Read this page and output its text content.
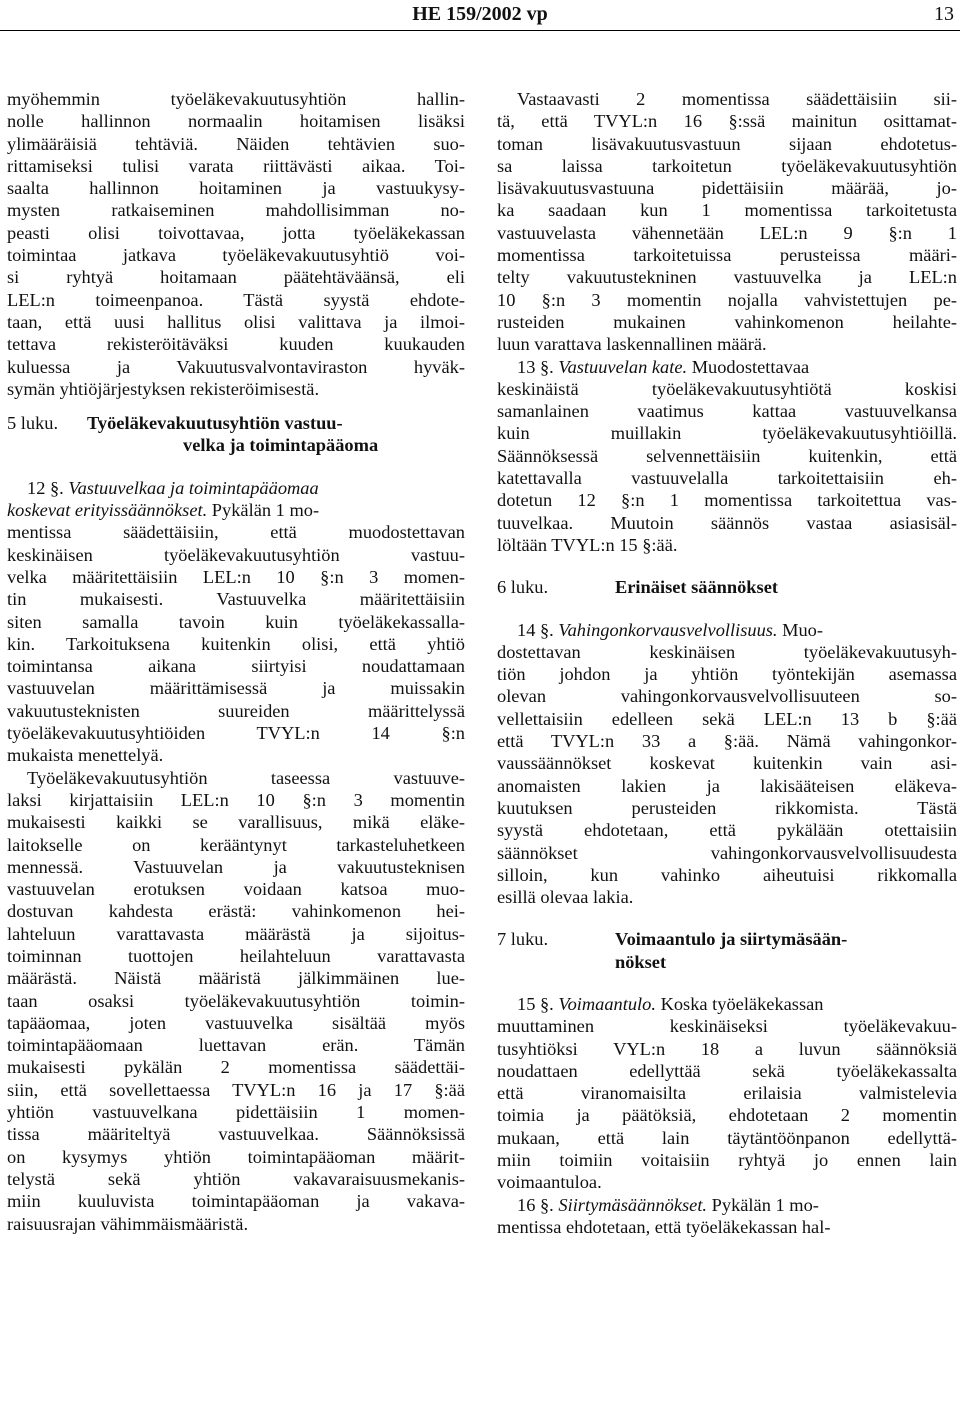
HE 159/2002 vp	13

myöhemmin työeläkevakuutusyhtiön hallin-
nolle hallinnon normaalin hoitamisen lisäksi
ylimääräisiä tehtäviä. Näiden tehtävien suo-
rittamiseksi tulisi varata riittävästi aikaa. Toi-
saalta hallinnon hoitaminen ja vastuukysy-
mysten ratkaiseminen mahdollisimman no-
peasti olisi toivottavaa, jotta työeläkekassan
toimintaa jatkava työeläkevakuutusyhtiö voi-
si ryhtyä hoitamaan päätehtäväänsä, eli
LEL:n toimeenpanoa. Tästä syystä ehdote-
taan, että uusi hallitus olisi valittava ja ilmoi-
tettava rekisteröitäväksi kuuden kuukauden
kuluessa ja Vakuutusvalvontaviraston hyväk-
symän yhtiöjärjestyksen rekisteröimisestä.

5 luku.	Työeläkevakuutusyhtiön vastuu-
velka ja toimintapääoma

12 §. Vastuuvelkaa ja toimintapääomaa
koskevat erityissäännökset. Pykälän 1 mo-
mentissa säädettäisiin, että muodostettavan
keskinäisen työeläkevakuutusyhtiön vastuu-
velka määritettäisiin LEL:n 10 §:n 3 momen-
tin mukaisesti. Vastuuvelka määritettäisiin
siten samalla tavoin kuin työeläkekassalla-
kin. Tarkoituksena kuitenkin olisi, että yhtiö
toimintansa aikana siirtyisi noudattamaan
vastuuvelan määrittämisessä ja muissakin
vakuutusteknisten suureiden määrittelyssä
työeläkevakuutusyhtiöiden TVYL:n 14 §:n
mukaista menettelyä.

Työeläkevakuutusyhtiön taseessa vastuuve-
laksi kirjattaisiin LEL:n 10 §:n 3 momentin
mukaisesti kaikki se varallisuus, mikä eläke-
laitokselle on kerääntynyt tarkasteluhetkeen
mennessä. Vastuuvelan ja vakuutusteknisen
vastuuvelan erotuksen voidaan katsoa muo-
dostuvan kahdesta erästä: vahinkomenon hei-
lahteluun varattavasta määrästä ja sijoitus-
toiminnan tuottojen heilahteluun varattavasta
määrästä. Näistä määristä jälkimmäinen lue-
taan osaksi työeläkevakuutusyhtiön toimin-
tapääomaa, joten vastuuvelka sisältää myös
toimintapääomaan luettavan erän. Tämän
mukaisesti pykälän 2 momentissa säädettäi-
siin, että sovellettaessa TVYL:n 16 ja 17 §:ää
yhtiön vastuuvelkana pidettäisiin 1 momen-
tissa määriteltyä vastuuvelkaa. Säännöksissä
on kysymys yhtiön toimintapääoman määrit-
telystä sekä yhtiön vakavaraisuusmekanis-
miin kuuluvista toimintapääoman ja vakava-
raisuusrajan vähimmäismääristä.

Vastaavasti 2 momentissa säädettäisiin sii-
tä, että TVYL:n 16 §:ssä mainitun osittamat-
toman lisävakuutusvastuun sijaan ehdotetus-
sa laissa tarkoitetun työeläkevakuutusyhtiön
lisävakuutusvastuuna pidettäisiin määrää, jo-
ka saadaan kun 1 momentissa tarkoitetusta
vastuuvelasta vähennetään LEL:n 9 §:n 1
momentissa tarkoitetuissa perusteissa määri-
telty vakuutustekninen vastuuvelka ja LEL:n
10 §:n 3 momentin nojalla vahvistettujen pe-
rusteiden mukainen vahinkomenon heilahte-
luun varattava laskennallinen määrä.

13 §. Vastuuvelan kate. Muodostettavaa
keskinäistä työeläkevakuutusyhtiötä koskisi
samanlainen vaatimus kattaa vastuuvelkansa
kuin muillakin työeläkevakuutusyhtiöillä.
Säännöksessä selvennettäisiin kuitenkin, että
katettavalla vastuuvelalla tarkoitettaisiin eh-
dotetun 12 §:n 1 momentissa tarkoitettua vas-
tuuvelkaa. Muutoin säännös vastaa asiasisäl-
löltään TVYL:n 15 §:ää.

6 luku.	Erinäiset säännökset

14 §. Vahingonkorvausvelvollisuus. Muo-
dostettavan keskinäisen työeläkevakuutusyh-
tiön johdon ja yhtiön työntekijän asemassa
olevan vahingonkorvausvelvollisuuteen so-
vellettaisiin edelleen sekä LEL:n 13 b §:ää
että TVYL:n 33 a §:ää. Nämä vahingonkor-
vaussäännökset koskevat kuitenkin vain asi-
anomaisten lakien ja lakisääteisen eläkeva-
kuutuksen perusteiden rikkomista. Tästä
syystä ehdotetaan, että pykälään otettaisiin
säännökset vahingonkorvausvelvollisuudesta
silloin, kun vahinko aiheutuisi rikkomalla
esillä olevaa lakia.

7 luku.	Voimaantulo ja siirtymäsään-
nökset

15 §. Voimaantulo. Koska työeläkekassan
muuttaminen keskinäiseksi työeläkevakuu-
tusyhtiöksi VYL:n 18 a luvun säännöksiä
noudattaen edellyttää sekä työeläkekassalta
että viranomaisilta erilaisia valmistelevia
toimia ja päätöksiä, ehdotetaan 2 momentin
mukaan, että lain täytäntöönpanon edellyttä-
miin toimiin voitaisiin ryhtyä jo ennen lain
voimaantuloa.

16 §. Siirtymäsäännökset. Pykälän 1 mo-
mentissa ehdotetaan, että työeläkekassan hal-
